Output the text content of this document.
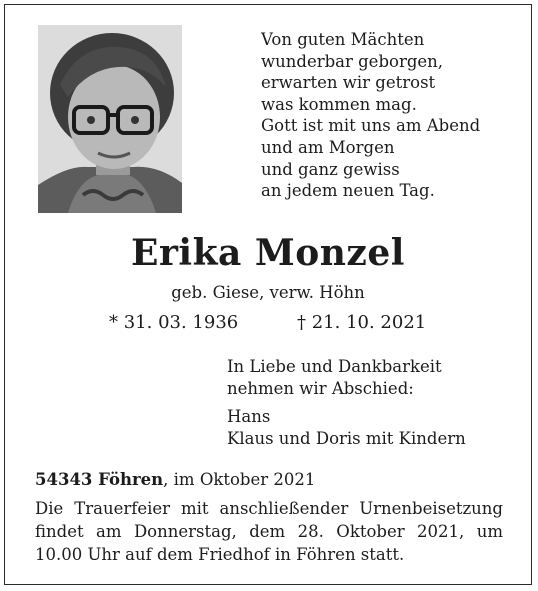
Von guten Mächten
wunderbar geborgen,
erwarten wir getrost
was kommen mag.
Gott ist mit uns am Abend
und am Morgen
und ganz gewiss
an jedem neuen Tag.
Erika Monzel
geb. Giese, verw. Höhn
* 31. 03. 1936	† 21. 10. 2021
In Liebe und Dankbarkeit
nehmen wir Abschied:
Hans
Klaus und Doris mit Kindern
54343 Föhren, im Oktober 2021
Die Trauerfeier mit anschließender Urnenbeisetzung findet am Donnerstag, dem 28. Oktober 2021, um 10.00 Uhr auf dem Friedhof in Föhren statt.
